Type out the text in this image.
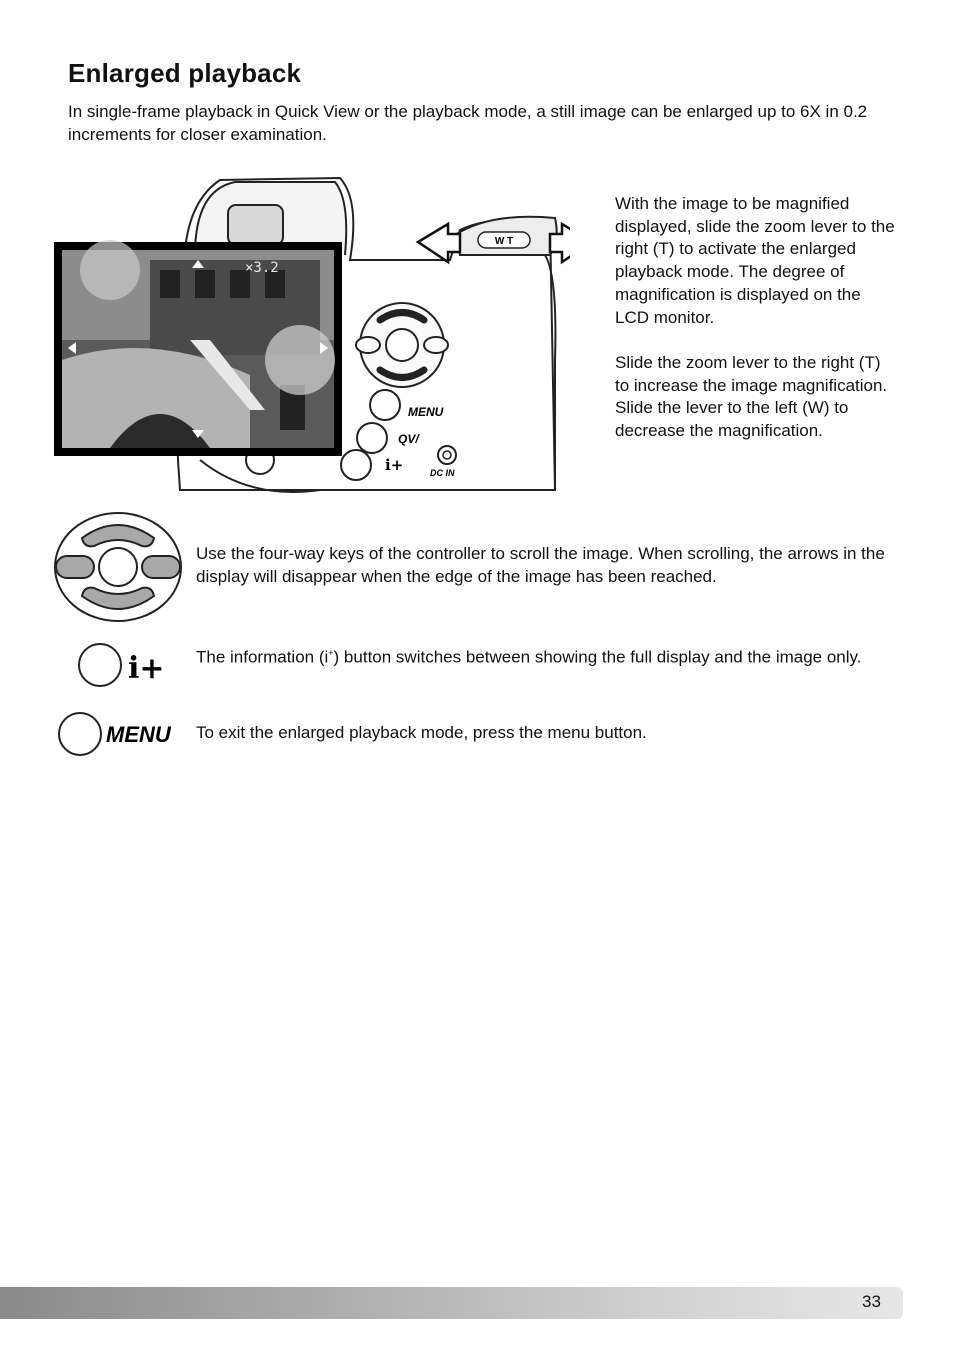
Enlarged playback
In single-frame playback in Quick View or the playback mode, a still image can be enlarged up to 6X in 0.2 increments for closer examination.
W T
MENU
QV/
i+	DC IN
×3.2

With the image to be magnified displayed, slide the zoom lever to the right (T) to activate the enlarged playback mode. The degree of magnification is displayed on the LCD monitor.

Slide the zoom lever to the right (T) to increase the image magnification. Slide the lever to the left (W) to decrease the magnification.

Use the four-way keys of the controller to scroll the image. When scrolling, the arrows in the display will disappear when the edge of the image has been reached.
i+ The information (i+) button switches between showing the full display and the image only.
MENU To exit the enlarged playback mode, press the menu button.
33
